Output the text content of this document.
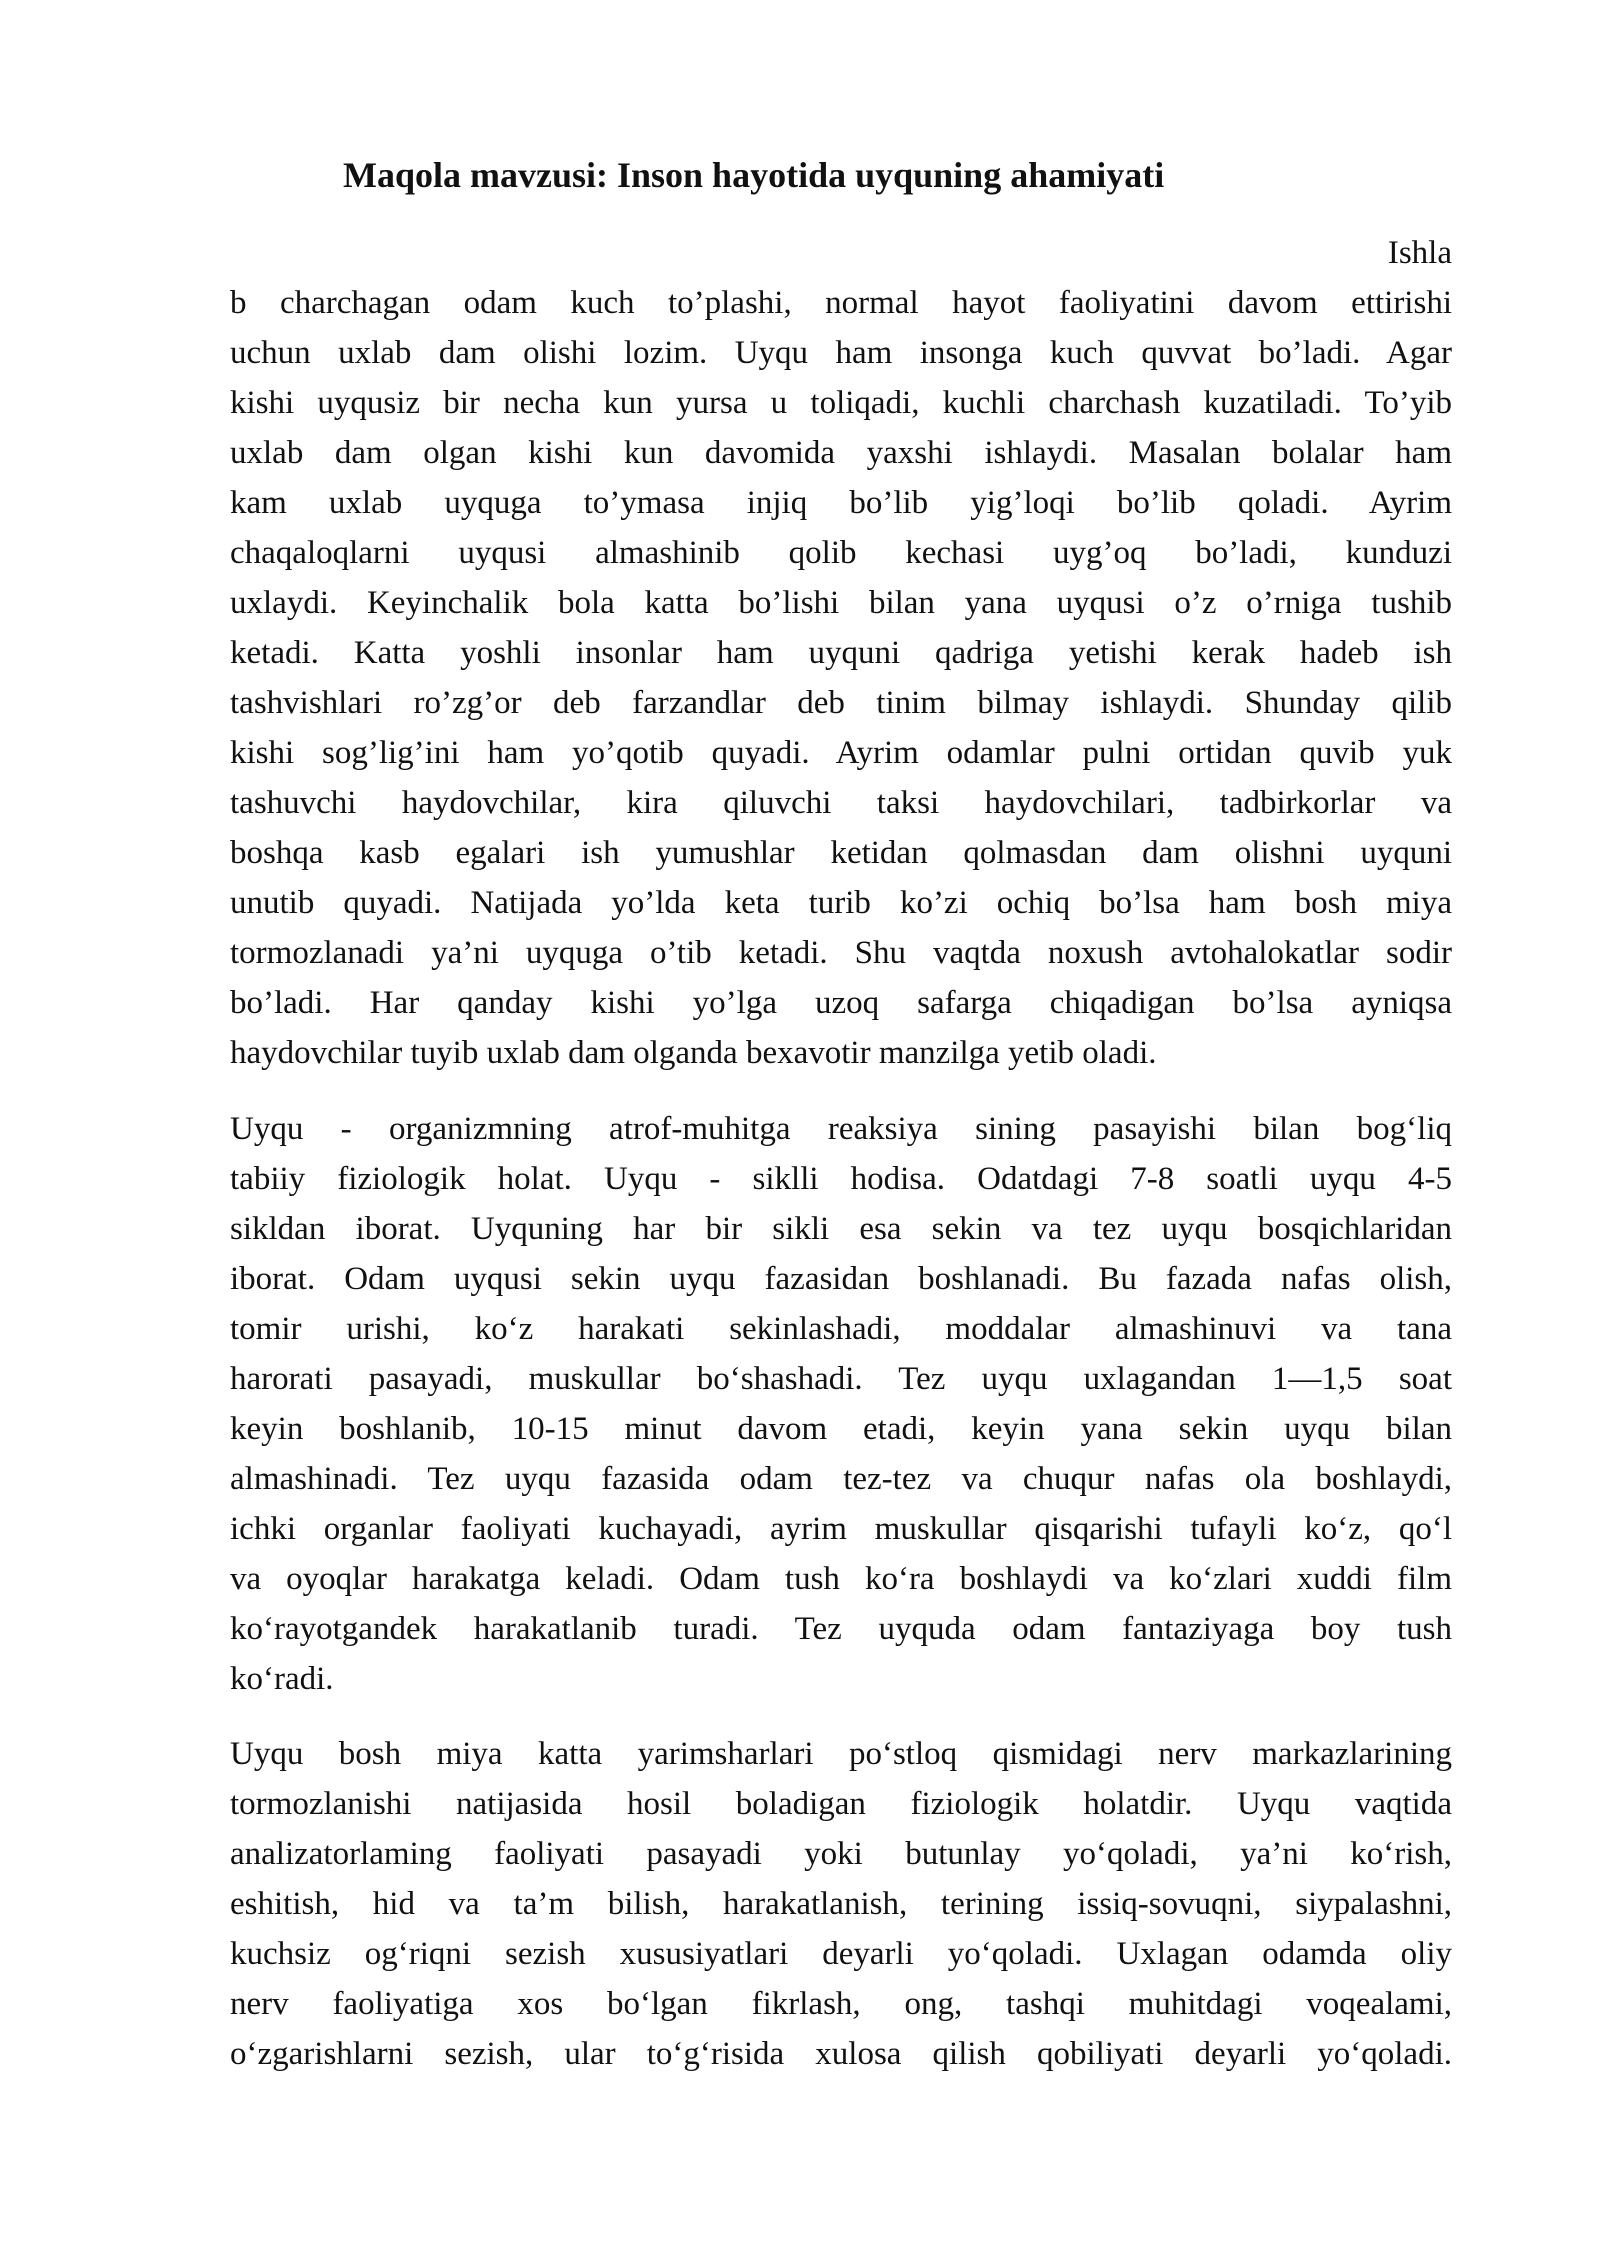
Maqola mavzusi: Inson hayotida uyquning ahamiyati
Ishla
b charchagan odam kuch to’plashi, normal hayot faoliyatini davom ettirishi
uchun uxlab dam olishi lozim. Uyqu ham insonga kuch quvvat bo’ladi. Agar
kishi uyqusiz bir necha kun yursa u toliqadi, kuchli charchash kuzatiladi. To’yib
uxlab dam olgan kishi kun davomida yaxshi ishlaydi. Masalan bolalar ham
kam uxlab uyquga to’ymasa injiq bo’lib yig’loqi bo’lib qoladi. Ayrim
chaqaloqlarni uyqusi almashinib qolib kechasi uyg’oq bo’ladi, kunduzi
uxlaydi. Keyinchalik bola katta bo’lishi bilan yana uyqusi o’z o’rniga tushib
ketadi. Katta yoshli insonlar ham uyquni qadriga yetishi kerak hadeb ish
tashvishlari ro’zg’or deb farzandlar deb tinim bilmay ishlaydi. Shunday qilib
kishi sog’lig’ini ham yo’qotib quyadi. Ayrim odamlar pulni ortidan quvib yuk
tashuvchi haydovchilar, kira qiluvchi taksi haydovchilari, tadbirkorlar va
boshqa kasb egalari ish yumushlar ketidan qolmasdan dam olishni uyquni
unutib quyadi. Natijada yo’lda keta turib ko’zi ochiq bo’lsa ham bosh miya
tormozlanadi ya’ni uyquga o’tib ketadi. Shu vaqtda noxush avtohalokatlar sodir
bo’ladi. Har qanday kishi yo’lga uzoq safarga chiqadigan bo’lsa ayniqsa
haydovchilar tuyib uxlab dam olganda bexavotir manzilga yetib oladi.
Uyqu - organizmning atrof-muhitga reaksiya sining pasayishi bilan bog‘liq
tabiiy fiziologik holat. Uyqu - siklli hodisa. Odatdagi 7-8 soatli uyqu 4-5
sikldan iborat. Uyquning har bir sikli esa sekin va tez uyqu bosqichlaridan
iborat. Odam uyqusi sekin uyqu fazasidan boshlanadi. Bu fazada nafas olish,
tomir urishi, ko‘z harakati sekinlashadi, moddalar almashinuvi va tana
harorati pasayadi, muskullar bo‘shashadi. Tez uyqu uxlagandan 1—1,5 soat
keyin boshlanib, 10-15 minut davom etadi, keyin yana sekin uyqu bilan
almashinadi. Tez uyqu fazasida odam tez-tez va chuqur nafas ola boshlaydi,
ichki organlar faoliyati kuchayadi, ayrim muskullar qisqarishi tufayli ko‘z, qo‘l
va oyoqlar harakatga keladi. Odam tush ko‘ra boshlaydi va ko‘zlari xuddi film
ko‘rayotgandek harakatlanib turadi. Tez uyquda odam fantaziyaga boy tush
ko‘radi.
Uyqu bosh miya katta yarimsharlari po‘stloq qismidagi nerv markazlarining
tormozlanishi natijasida hosil boladigan fiziologik holatdir. Uyqu vaqtida
analizatorlaming faoliyati pasayadi yoki butunlay yo‘qoladi, ya’ni ko‘rish,
eshitish, hid va ta’m bilish, harakatlanish, terining issiq-sovuqni, siypalashni,
kuchsiz og‘riqni sezish xususiyatlari deyarli yo‘qoladi. Uxlagan odamda oliy
nerv faoliyatiga xos bo‘lgan fikrlash, ong, tashqi muhitdagi voqealami,
o‘zgarishlarni sezish, ular to‘g‘risida xulosa qilish qobiliyati deyarli yo‘qoladi.
